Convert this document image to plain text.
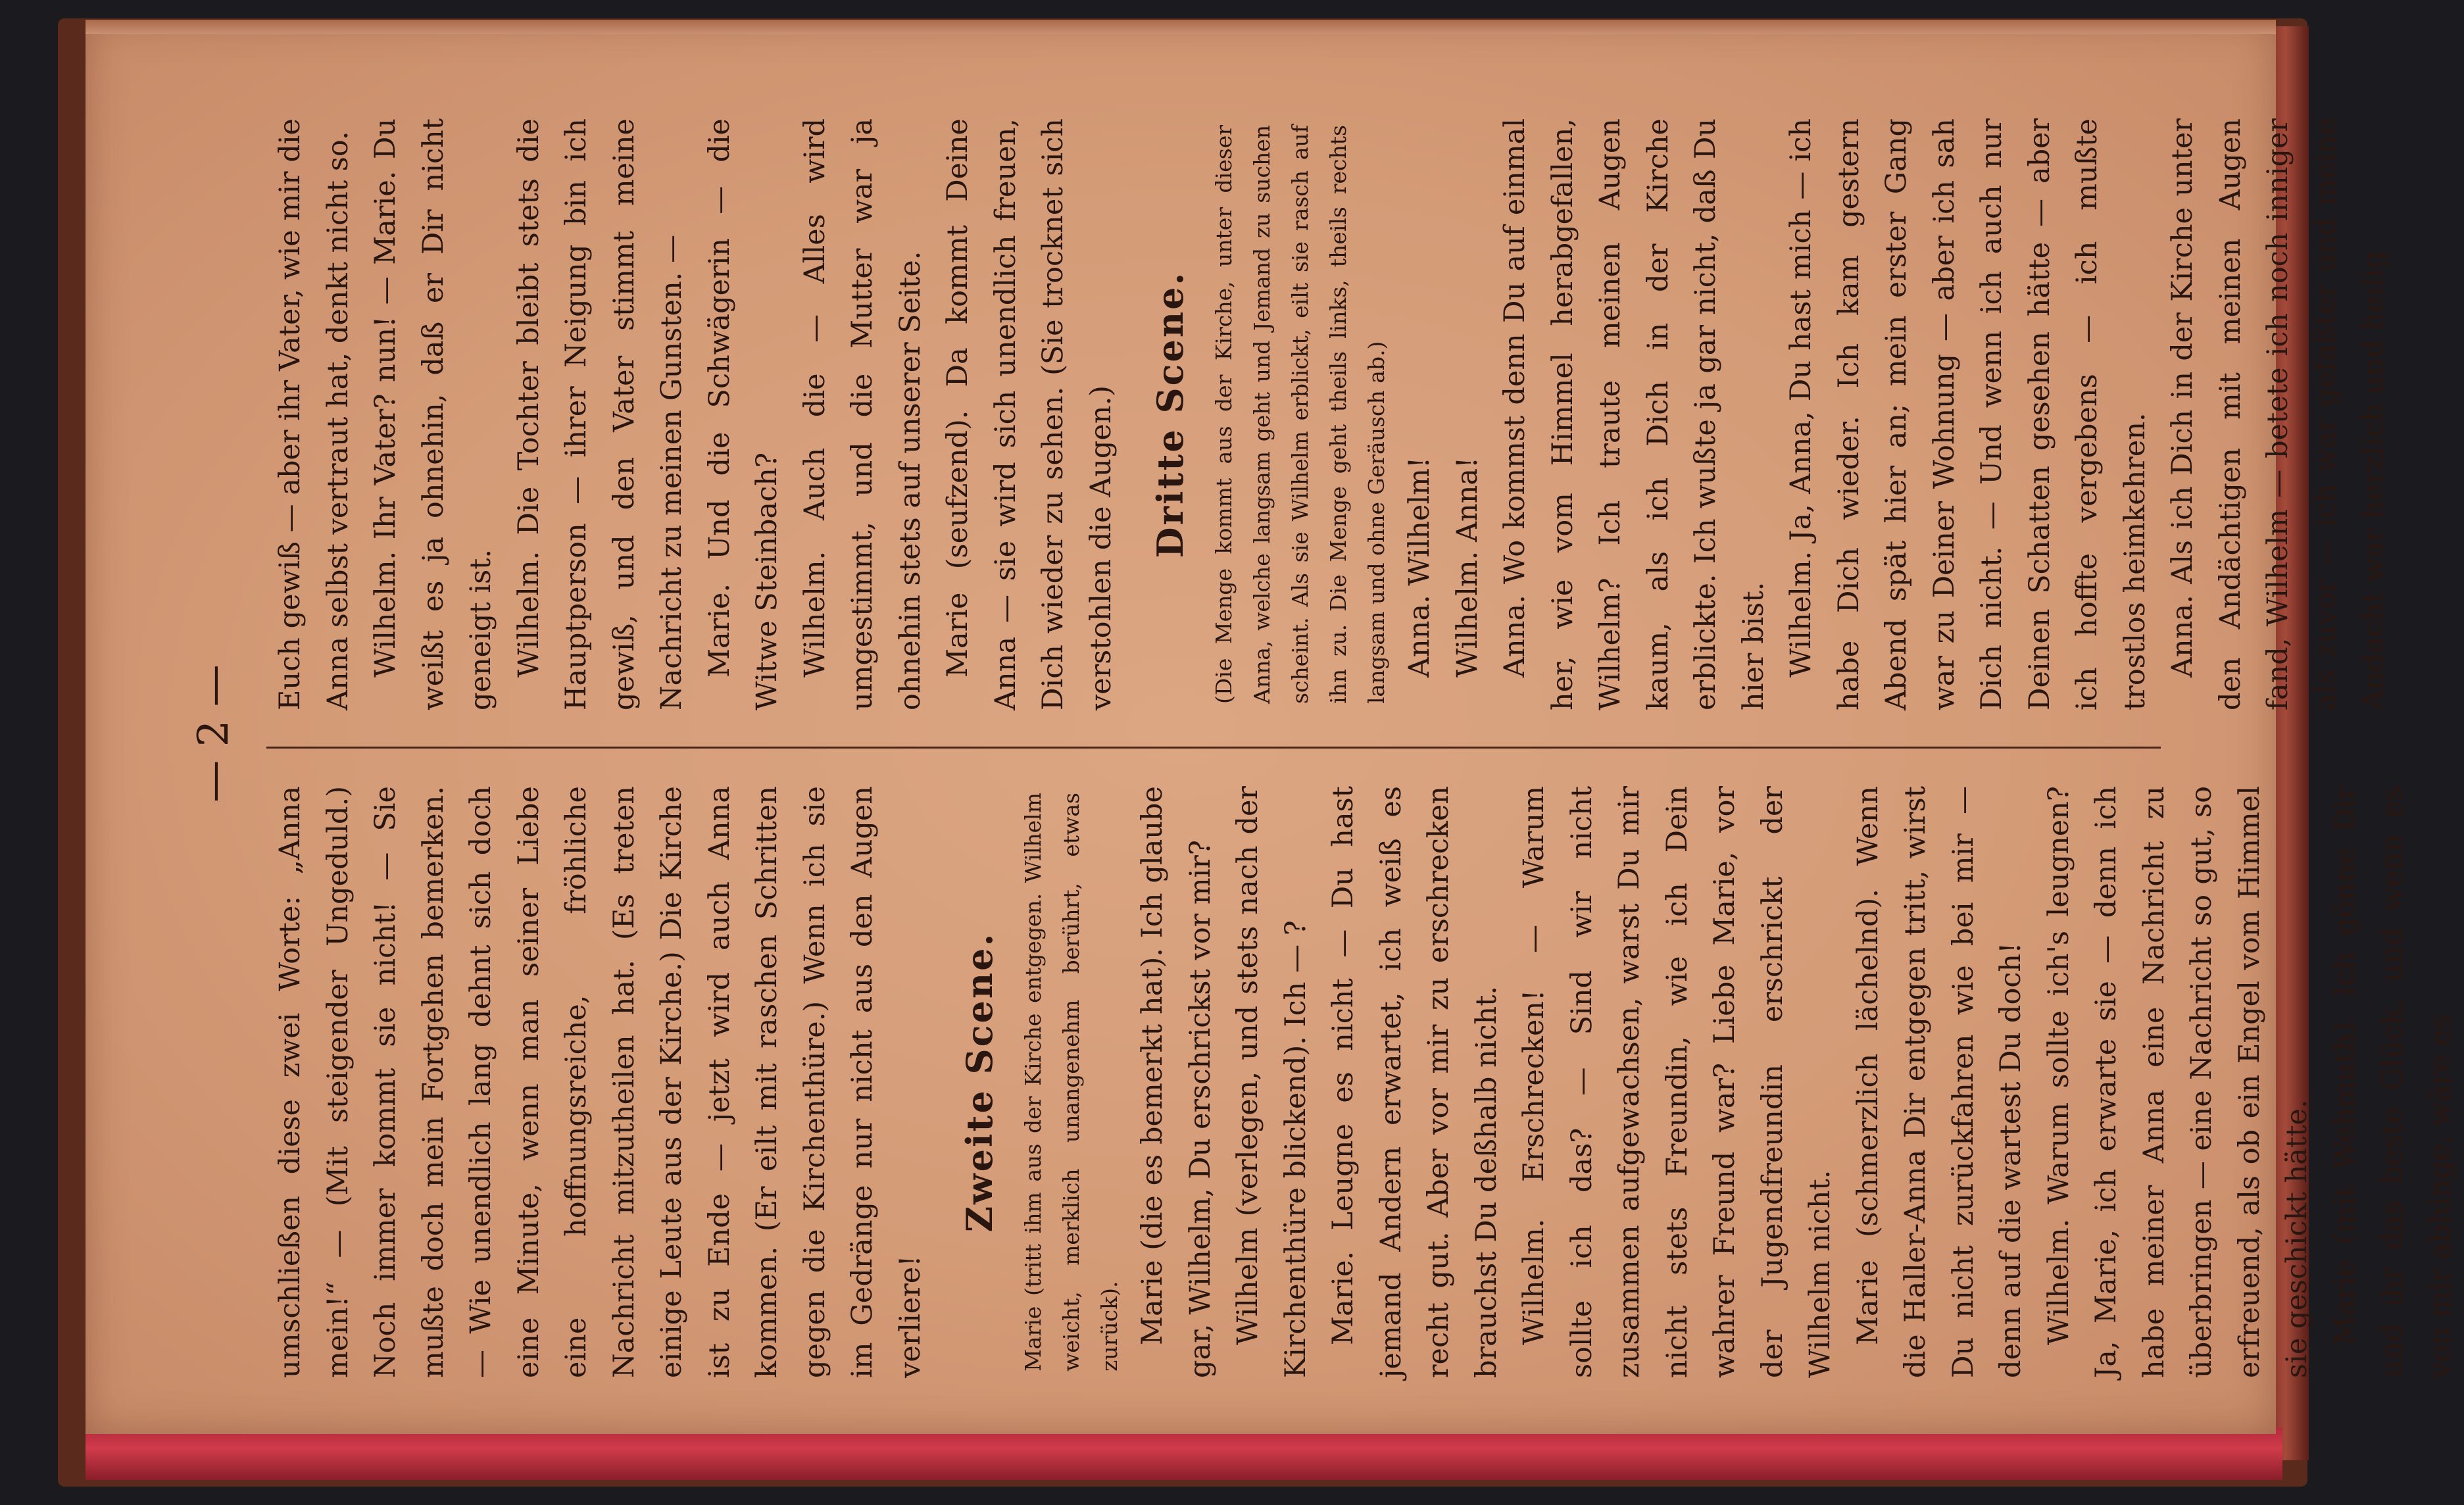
— 2 —

umschließen diese zwei Worte: „Anna mein!“ — (Mit steigender Ungeduld.) Noch immer kommt sie nicht! — Sie mußte doch mein Fortgehen bemerken. — Wie unendlich lang dehnt sich doch eine Minute, wenn man seiner Liebe eine hoffnungsreiche, fröhliche Nachricht mitzutheilen hat. (Es treten einige Leute aus der Kirche.) Die Kirche ist zu Ende — jetzt wird auch Anna kommen. (Er eilt mit raschen Schritten gegen die Kirchenthüre.) Wenn ich sie im Gedränge nur nicht aus den Augen verliere!

Zweite Scene. Marie (tritt ihm aus der Kirche entgegen. Wilhelm weicht, merklich unangenehm berührt, etwas zurück). Marie (die es bemerkt hat). Ich glaube gar, Wilhelm, Du erschrickst vor mir? Wilhelm (verlegen, und stets nach der Kirchenthüre blickend). Ich — ? Marie. Leugne es nicht — Du hast jemand Andern erwartet, ich weiß es recht gut. Aber vor mir zu erschrecken brauchst Du deßhalb nicht. Wilhelm. Erschrecken! — Warum sollte ich das? — Sind wir nicht zusammen aufgewachsen, warst Du mir nicht stets Freundin, wie ich Dein wahrer Freund war? Liebe Marie, vor der Jugendfreundin erschrickt der Wilhelm nicht. Marie (schmerzlich lächelnd). Wenn die Haller-Anna Dir entgegen tritt, wirst Du nicht zurückfahren wie bei mir — denn auf die wartest Du doch! Wilhelm. Warum sollte ich's leugnen? Ja, Marie, ich erwarte sie — denn ich habe meiner Anna eine Nachricht zu überbringen — eine Nachricht so gut, so erfreuend, als ob ein Engel vom Himmel sie geschickt hätte. Marie (mit Wehmuth). Ich gönne Dir und ihr das beste Glück, und wenn es von mir abhinge, wäre es

Euch gewiß — aber ihr Vater, wie mir die Anna selbst vertraut hat, denkt nicht so. Wilhelm. Ihr Vater? nun! — Marie. Du weißt es ja ohnehin, daß er Dir nicht geneigt ist. Wilhelm. Die Tochter bleibt stets die Hauptperson — ihrer Neigung bin ich gewiß, und den Vater stimmt meine Nachricht zu meinen Gunsten. — Marie. Und die Schwägerin — die Witwe Steinbach? Wilhelm. Auch die — Alles wird umgestimmt, und die Mutter war ja ohnehin stets auf unserer Seite. Marie (seufzend). Da kommt Deine Anna — sie wird sich unendlich freuen, Dich wieder zu sehen. (Sie trocknet sich verstohlen die Augen.) Dritte Scene. (Die Menge kommt aus der Kirche, unter dieser Anna, welche langsam geht und Jemand zu suchen scheint. Als sie Wilhelm erblickt, eilt sie rasch auf ihn zu. Die Menge geht theils links, theils rechts langsam und ohne Geräusch ab.) Anna. Wilhelm! Wilhelm. Anna! Anna. Wo kommst denn Du auf einmal her, wie vom Himmel herabgefallen, Wilhelm? Ich traute meinen Augen kaum, als ich Dich in der Kirche erblickte. Ich wußte ja gar nicht, daß Du hier bist. Wilhelm. Ja, Anna, Du hast mich — ich habe Dich wieder. Ich kam gestern Abend spät hier an; mein erster Gang war zu Deiner Wohnung — aber ich sah Dich nicht. — Und wenn ich auch nur Deinen Schatten gesehen hätte — aber ich hoffte vergebens — ich mußte trostlos heimkehren. Anna. Als ich Dich in der Kirche unter den Andächtigen mit meinen Augen fand, Wilhelm — betete ich noch inniger als zuvor — ich war gefaßter und meine Andacht war herzlich und heilig
